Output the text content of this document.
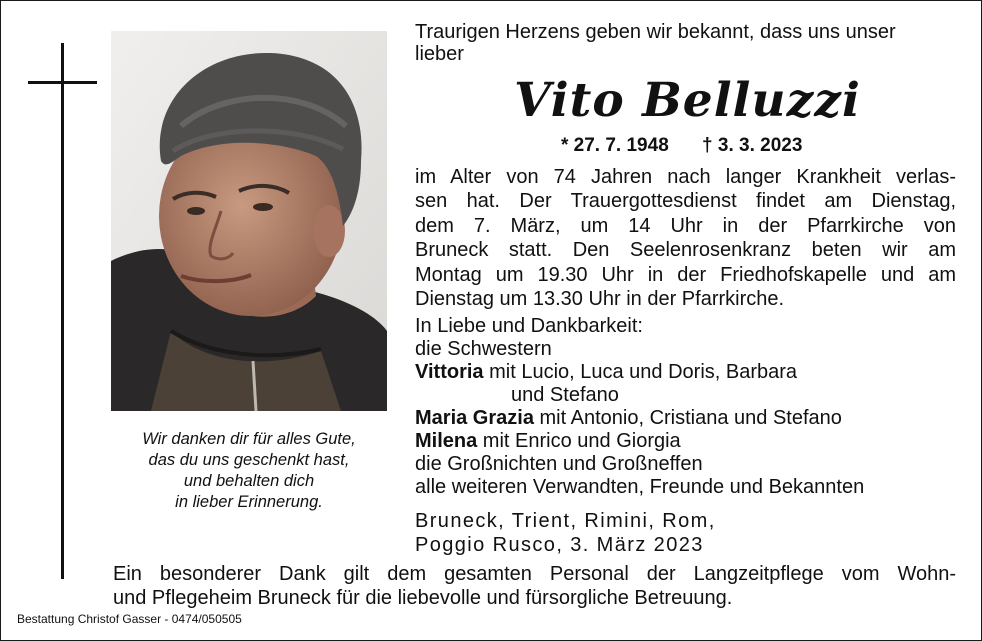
Wir danken dir für alles Gute,
das du uns geschenkt hast,
und behalten dich
in lieber Erinnerung.
Traurigen Herzens geben wir bekannt, dass uns unser
lieber
Vito Belluzzi
* 27. 7. 1948 † 3. 3. 2023
im Alter von 74 Jahren nach langer Krankheit verlas-
sen hat. Der Trauergottesdienst findet am Dienstag,
dem 7. März, um 14 Uhr in der Pfarrkirche von
Bruneck statt. Den Seelenrosenkranz beten wir am
Montag um 19.30 Uhr in der Friedhofskapelle und am
Dienstag um 13.30 Uhr in der Pfarrkirche.
In Liebe und Dankbarkeit:
die Schwestern
Vittoria mit Lucio, Luca und Doris, Barbara
und Stefano
Maria Grazia mit Antonio, Cristiana und Stefano
Milena mit Enrico und Giorgia
die Großnichten und Großneffen
alle weiteren Verwandten, Freunde und Bekannten
Bruneck, Trient, Rimini, Rom,
Poggio Rusco, 3. März 2023
Ein besonderer Dank gilt dem gesamten Personal der Langzeitpflege vom Wohn-
und Pflegeheim Bruneck für die liebevolle und fürsorgliche Betreuung.
Bestattung Christof Gasser - 0474/050505
